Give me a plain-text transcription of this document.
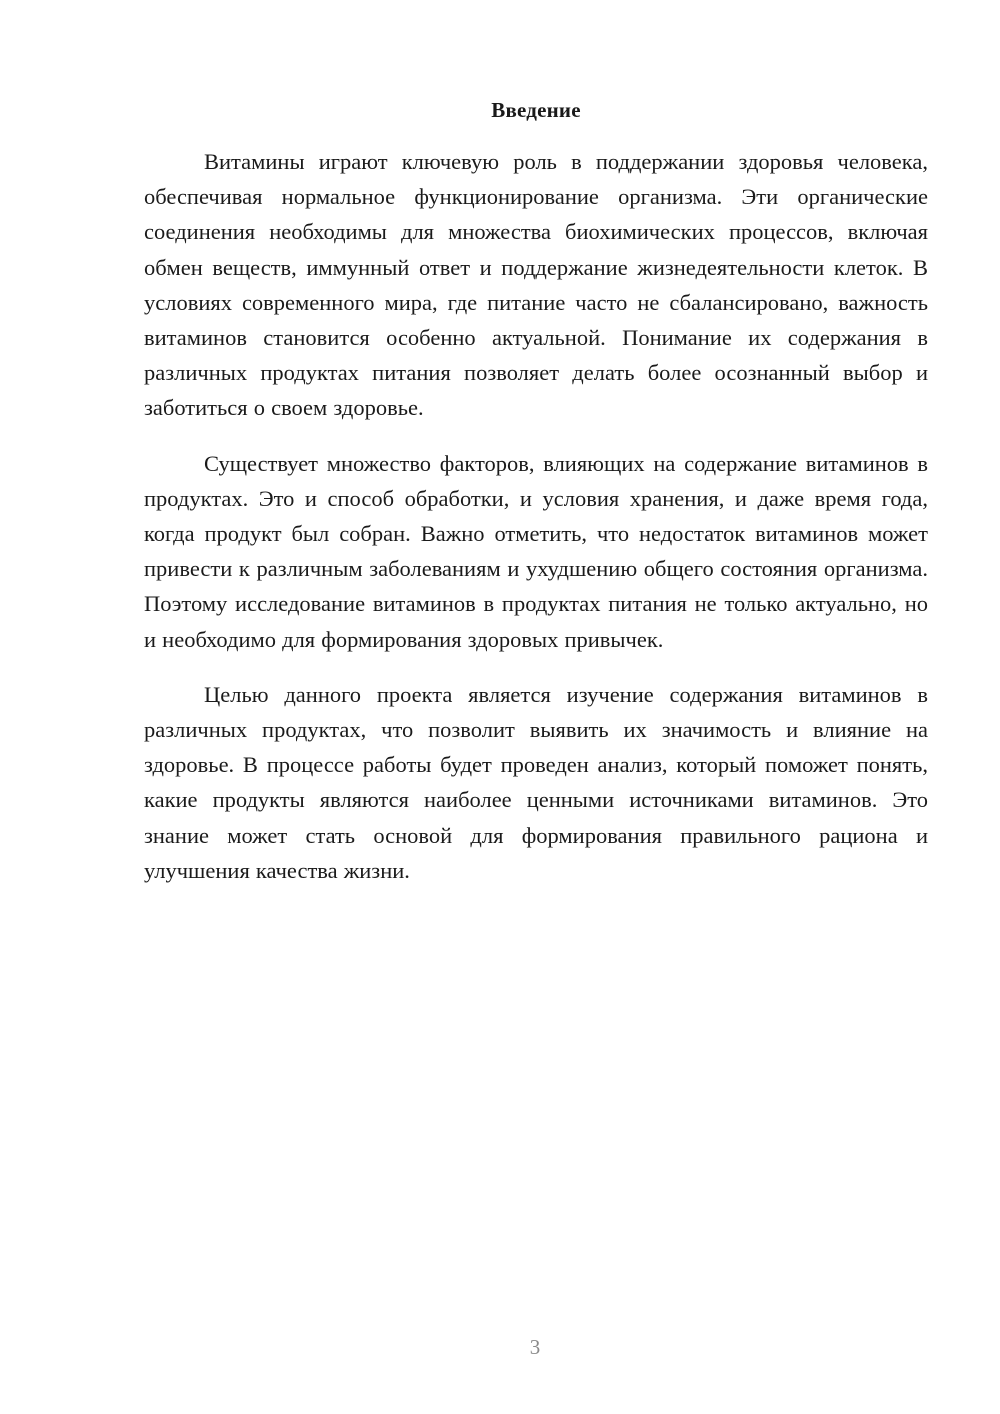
Введение

Витамины играют ключевую роль в поддержании здоровья человека, обеспечивая нормальное функционирование организма. Эти органические соединения необходимы для множества биохимических процессов, включая обмен веществ, иммунный ответ и поддержание жизнедеятельности клеток. В условиях современного мира, где питание часто не сбалансировано, важность витаминов становится особенно актуальной. Понимание их содержания в различных продуктах питания позволяет делать более осознанный выбор и заботиться о своем здоровье.

Существует множество факторов, влияющих на содержание витаминов в продуктах. Это и способ обработки, и условия хранения, и даже время года, когда продукт был собран. Важно отметить, что недостаток витаминов может привести к различным заболеваниям и ухудшению общего состояния организма. Поэтому исследование витаминов в продуктах питания не только актуально, но и необходимо для формирования здоровых привычек.

Целью данного проекта является изучение содержания витаминов в различных продуктах, что позволит выявить их значимость и влияние на здоровье. В процессе работы будет проведен анализ, который поможет понять, какие продукты являются наиболее ценными источниками витаминов. Это знание может стать основой для формирования правильного рациона и улучшения качества жизни.

3
